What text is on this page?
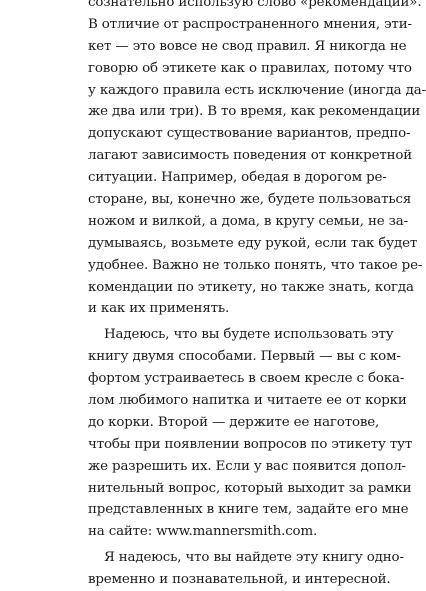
сознательно использую слово «рекомендации».
В отличие от распространенного мнения, эти-
кет — это вовсе не свод правил. Я никогда не
говорю об этикете как о правилах, потому что
у каждого правила есть исключение (иногда да-
же два или три). В то время, как рекомендации
допускают существование вариантов, предпо-
лагают зависимость поведения от конкретной
ситуации. Например, обедая в дорогом ре-
сторане, вы, конечно же, будете пользоваться
ножом и вилкой, а дома, в кругу семьи, не за-
думываясь, возьмете еду рукой, если так будет
удобнее. Важно не только понять, что такое ре-
комендации по этикету, но также знать, когда
и как их применять.
Надеюсь, что вы будете использовать эту
книгу двумя способами. Первый — вы с ком-
фортом устраиваетесь в своем кресле с бока-
лом любимого напитка и читаете ее от корки
до корки. Второй — держите ее наготове,
чтобы при появлении вопросов по этикету тут
же разрешить их. Если у вас появится допол-
нительный вопрос, который выходит за рамки
представленных в книге тем, задайте его мне
на сайте: www.mannersmith.com.
Я надеюсь, что вы найдете эту книгу одно-
временно и познавательной, и интересной.
